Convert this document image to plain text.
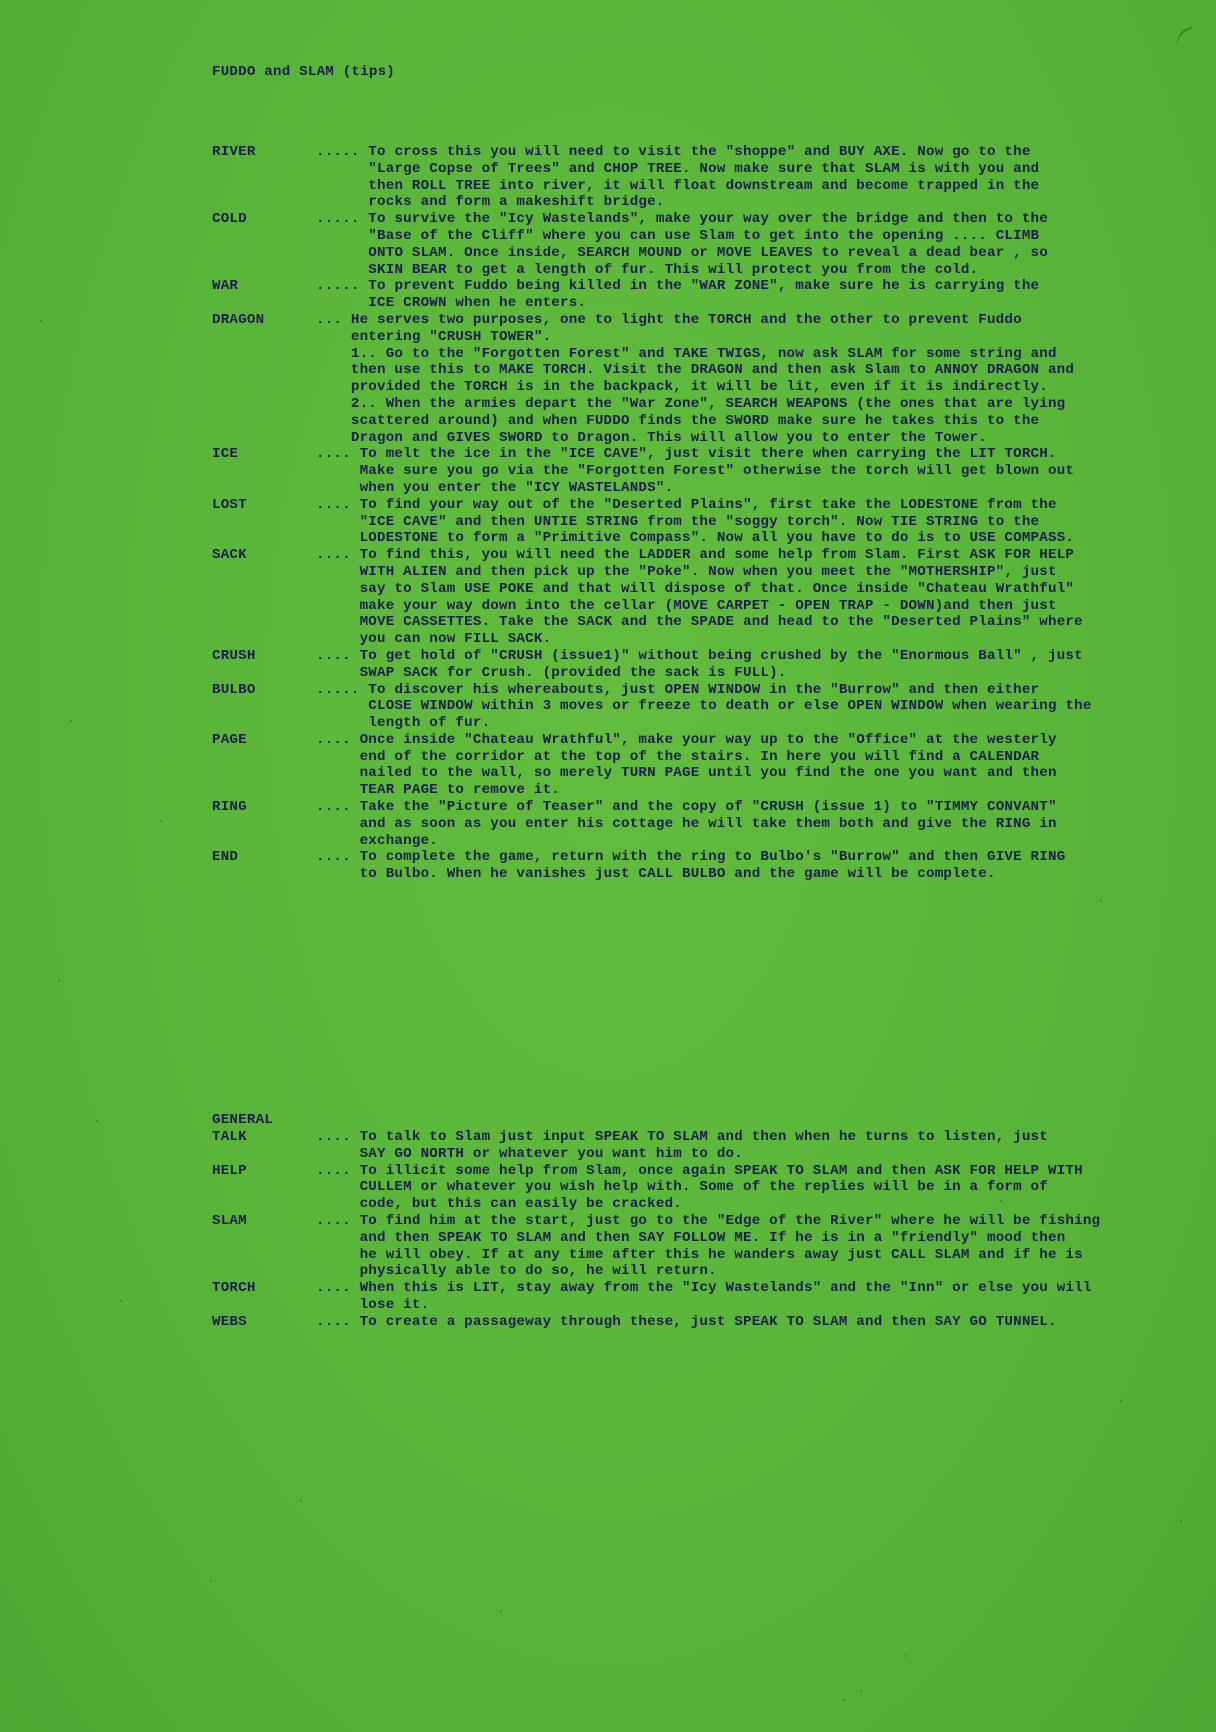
FUDDO and SLAM (tips)
RIVER	..... To cross this you will need to visit the "shoppe" and BUY AXE. Now go to the
"Large Copse of Trees" and CHOP TREE. Now make sure that SLAM is with you and
then ROLL TREE into river, it will float downstream and become trapped in the
rocks and form a makeshift bridge.
COLD	..... To survive the "Icy Wastelands", make your way over the bridge and then to the
"Base of the Cliff" where you can use Slam to get into the opening .... CLIMB
ONTO SLAM. Once inside, SEARCH MOUND or MOVE LEAVES to reveal a dead bear , so
SKIN BEAR to get a length of fur. This will protect you from the cold.
WAR	..... To prevent Fuddo being killed in the "WAR ZONE", make sure he is carrying the
ICE CROWN when he enters.
DRAGON	... He serves two purposes, one to light the TORCH and the other to prevent Fuddo
entering "CRUSH TOWER".
1.. Go to the "Forgotten Forest" and TAKE TWIGS, now ask SLAM for some string and
then use this to MAKE TORCH. Visit the DRAGON and then ask Slam to ANNOY DRAGON and
provided the TORCH is in the backpack, it will be lit, even if it is indirectly.
2.. When the armies depart the "War Zone", SEARCH WEAPONS (the ones that are lying
scattered around) and when FUDDO finds the SWORD make sure he takes this to the
Dragon and GIVES SWORD to Dragon. This will allow you to enter the Tower.
ICE	.... To melt the ice in the "ICE CAVE", just visit there when carrying the LIT TORCH.
Make sure you go via the "Forgotten Forest" otherwise the torch will get blown out
when you enter the "ICY WASTELANDS".
LOST	.... To find your way out of the "Deserted Plains", first take the LODESTONE from the
"ICE CAVE" and then UNTIE STRING from the "soggy torch". Now TIE STRING to the
LODESTONE to form a "Primitive Compass". Now all you have to do is to USE COMPASS.
SACK	.... To find this, you will need the LADDER and some help from Slam. First ASK FOR HELP
WITH ALIEN and then pick up the "Poke". Now when you meet the "MOTHERSHIP", just
say to Slam USE POKE and that will dispose of that. Once inside "Chateau Wrathful"
make your way down into the cellar (MOVE CARPET - OPEN TRAP - DOWN)and then just
MOVE CASSETTES. Take the SACK and the SPADE and head to the "Deserted Plains" where
you can now FILL SACK.
CRUSH	.... To get hold of "CRUSH (issue1)" without being crushed by the "Enormous Ball" , just
SWAP SACK for Crush. (provided the sack is FULL).
BULBO	..... To discover his whereabouts, just OPEN WINDOW in the "Burrow" and then either
CLOSE WINDOW within 3 moves or freeze to death or else OPEN WINDOW when wearing the
length of fur.
PAGE	.... Once inside "Chateau Wrathful", make your way up to the "Office" at the westerly
end of the corridor at the top of the stairs. In here you will find a CALENDAR
nailed to the wall, so merely TURN PAGE until you find the one you want and then
TEAR PAGE to remove it.
RING	.... Take the "Picture of Teaser" and the copy of "CRUSH (issue 1) to "TIMMY CONVANT"
and as soon as you enter his cottage he will take them both and give the RING in
exchange.
END	.... To complete the game, return with the ring to Bulbo's "Burrow" and then GIVE RING
to Bulbo. When he vanishes just CALL BULBO and the game will be complete.
GENERAL
TALK	.... To talk to Slam just input SPEAK TO SLAM and then when he turns to listen, just
SAY GO NORTH or whatever you want him to do.
HELP	.... To illicit some help from Slam, once again SPEAK TO SLAM and then ASK FOR HELP WITH
CULLEM or whatever you wish help with. Some of the replies will be in a form of
code, but this can easily be cracked.
SLAM	.... To find him at the start, just go to the "Edge of the River" where he will be fishing
and then SPEAK TO SLAM and then SAY FOLLOW ME. If he is in a "friendly" mood then
he will obey. If at any time after this he wanders away just CALL SLAM and if he is
physically able to do so, he will return.
TORCH	.... When this is LIT, stay away from the "Icy Wastelands" and the "Inn" or else you will
lose it.
WEBS	.... To create a passageway through these, just SPEAK TO SLAM and then SAY GO TUNNEL.
